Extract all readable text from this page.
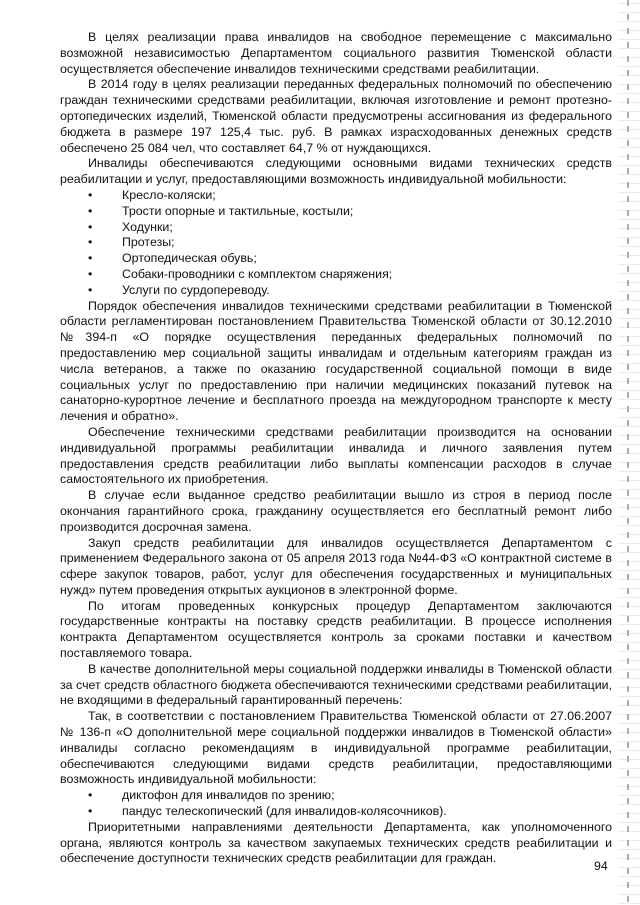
В целях реализации права инвалидов на свободное перемещение с максимально возможной независимостью Департаментом социального развития Тюменской области осуществляется обеспечение инвалидов техническими средствами реабилитации.

В 2014 году в целях реализации переданных федеральных полномочий по обеспечению граждан техническими средствами реабилитации, включая изготовление и ремонт протезно-ортопедических изделий, Тюменской области предусмотрены ассигнования из федерального бюджета в размере 197 125,4 тыс. руб. В рамках израсходованных денежных средств обеспечено 25 084 чел, что составляет 64,7 % от нуждающихся.

Инвалиды обеспечиваются следующими основными видами технических средств реабилитации и услуг, предоставляющими возможность индивидуальной мобильности:

• Кресло-коляски;
• Трости опорные и тактильные, костыли;
• Ходунки;
• Протезы;
• Ортопедическая обувь;
• Собаки-проводники с комплектом снаряжения;
• Услуги по сурдопереводу.

Порядок обеспечения инвалидов техническими средствами реабилитации в Тюменской области регламентирован постановлением Правительства Тюменской области от 30.12.2010 №394-п «О порядке осуществления переданных федеральных полномочий по предоставлению мер социальной защиты инвалидам и отдельным категориям граждан из числа ветеранов, а также по оказанию государственной социальной помощи в виде социальных услуг по предоставлению при наличии медицинских показаний путевок на санаторно-курортное лечение и бесплатного проезда на междугородном транспорте к месту лечения и обратно».

Обеспечение техническими средствами реабилитации производится на основании индивидуальной программы реабилитации инвалида и личного заявления путем предоставления средств реабилитации либо выплаты компенсации расходов в случае самостоятельного их приобретения.

В случае если выданное средство реабилитации вышло из строя в период после окончания гарантийного срока, гражданину осуществляется его бесплатный ремонт либо производится досрочная замена.

Закуп средств реабилитации для инвалидов осуществляется Департаментом с применением Федерального закона от 05 апреля 2013 года №44-ФЗ «О контрактной системе в сфере закупок товаров, работ, услуг для обеспечения государственных и муниципальных нужд» путем проведения открытых аукционов в электронной форме.

По итогам проведенных конкурсных процедур Департаментом заключаются государственные контракты на поставку средств реабилитации. В процессе исполнения контракта Департаментом осуществляется контроль за сроками поставки и качеством поставляемого товара.

В качестве дополнительной меры социальной поддержки инвалиды в Тюменской области за счет средств областного бюджета обеспечиваются техническими средствами реабилитации, не входящими в федеральный гарантированный перечень:

Так, в соответствии с постановлением Правительства Тюменской области от 27.06.2007 № 136-п «О дополнительной мере социальной поддержки инвалидов в Тюменской области» инвалиды согласно рекомендациям в индивидуальной программе реабилитации, обеспечиваются следующими видами средств реабилитации, предоставляющими возможность индивидуальной мобильности:

• диктофон для инвалидов по зрению;
• пандус телескопический (для инвалидов-колясочников).

Приоритетными направлениями деятельности Департамента, как уполномоченного органа, являются контроль за качеством закупаемых технических средств реабилитации и обеспечение доступности технических средств реабилитации для граждан.

94
